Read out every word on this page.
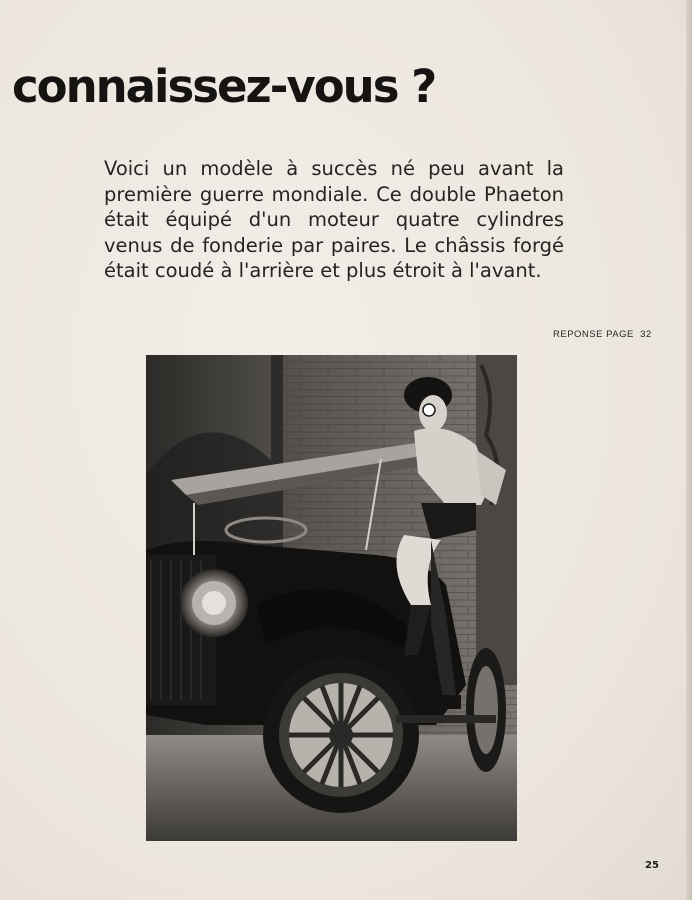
connaissez-vous ?

Voici un modèle à succès né peu avant la première guerre mondiale. Ce double Phaeton était équipé d'un moteur quatre cylindres venus de fonderie par paires. Le châssis forgé était coudé à l'arrière et plus étroit à l'avant.

REPONSE PAGE 32
25
